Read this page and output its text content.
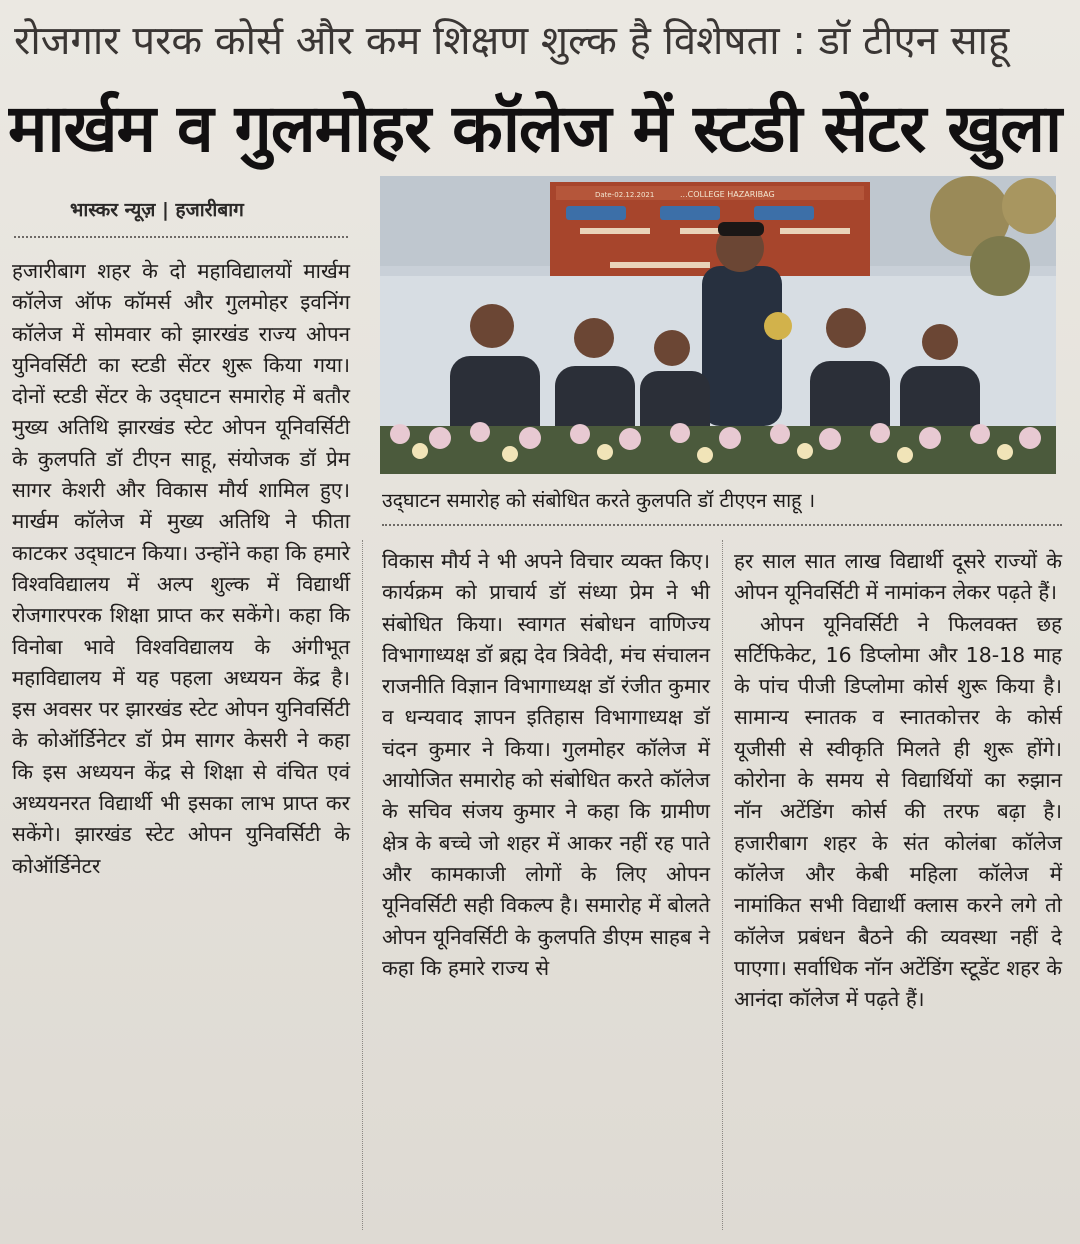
रोजगार परक कोर्स और कम शिक्षण शुल्क है विशेषता : डॉ टीएन साहू
मार्खम व गुलमोहर कॉलेज में स्टडी सेंटर खुला
भास्कर न्यूज़ | हजारीबाग
...COLLEGE HAZARIBAG
Date-02.12.2021
उद्‌घाटन समारोह को संबोधित करते कुलपति डॉ टीएएन साहू ।

हजारीबाग शहर के दो महाविद्यालयों मार्खम कॉलेज ऑफ कॉमर्स और गुलमोहर इवनिंग कॉलेज में सोमवार को झारखंड राज्य ओपन युनिवर्सिटी का स्टडी सेंटर शुरू किया गया। दोनों स्टडी सेंटर के उद्‌घाटन समारोह में बतौर मुख्य अतिथि झारखंड स्टेट ओपन यूनिवर्सिटी के कुलपति डॉ टीएन साहू, संयोजक डॉ प्रेम सागर केशरी और विकास मौर्य शामिल हुए। मार्खम कॉलेज में मुख्य अतिथि ने फीता काटकर उद्‌घाटन किया। उन्होंने कहा कि हमारे विश्वविद्यालय में अल्प शुल्क में विद्यार्थी रोजगारपरक शिक्षा प्राप्त कर सकेंगे। कहा कि विनोबा भावे विश्वविद्यालय के अंगीभूत महाविद्यालय में यह पहला अध्ययन केंद्र है। इस अवसर पर झारखंड स्टेट ओपन युनिवर्सिटी के कोऑर्डिनेटर डॉ प्रेम सागर केसरी ने कहा कि इस अध्ययन केंद्र से शिक्षा से वंचित एवं अध्ययनरत विद्यार्थी भी इसका लाभ प्राप्त कर सकेंगे। झारखंड स्टेट ओपन युनिवर्सिटी के कोऑर्डिनेटर

विकास मौर्य ने भी अपने विचार व्यक्त किए। कार्यक्रम को प्राचार्य डॉ संध्या प्रेम ने भी संबोधित किया। स्वागत संबोधन वाणिज्य विभागाध्यक्ष डॉ ब्रह्म देव त्रिवेदी, मंच संचालन राजनीति विज्ञान विभागाध्यक्ष डॉ रंजीत कुमार व धन्यवाद ज्ञापन इतिहास विभागाध्यक्ष डॉ चंदन कुमार ने किया। गुलमोहर कॉलेज में आयोजित समारोह को संबोधित करते कॉलेज के सचिव संजय कुमार ने कहा कि ग्रामीण क्षेत्र के बच्चे जो शहर में आकर नहीं रह पाते और कामकाजी लोगों के लिए ओपन यूनिवर्सिटी सही विकल्प है। समारोह में बोलते ओपन यूनिवर्सिटी के कुलपति डीएम साहब ने कहा कि हमारे राज्य से

हर साल सात लाख विद्यार्थी दूसरे राज्यों के ओपन यूनिवर्सिटी में नामांकन लेकर पढ़ते हैं।

ओपन यूनिवर्सिटी ने फिलवक्त छह सर्टिफिकेट, 16 डिप्लोमा और 18-18 माह के पांच पीजी डिप्लोमा कोर्स शुरू किया है। सामान्य स्नातक व स्नातकोत्तर के कोर्स यूजीसी से स्वीकृति मिलते ही शुरू होंगे। कोरोना के समय से विद्यार्थियों का रुझान नॉन अटेंडिंग कोर्स की तरफ बढ़ा है। हजारीबाग शहर के संत कोलंबा कॉलेज कॉलेज और केबी महिला कॉलेज में नामांकित सभी विद्यार्थी क्लास करने लगे तो कॉलेज प्रबंधन बैठने की व्यवस्था नहीं दे पाएगा। सर्वाधिक नॉन अटेंडिंग स्टूडेंट शहर के आनंदा कॉलेज में पढ़ते हैं।
